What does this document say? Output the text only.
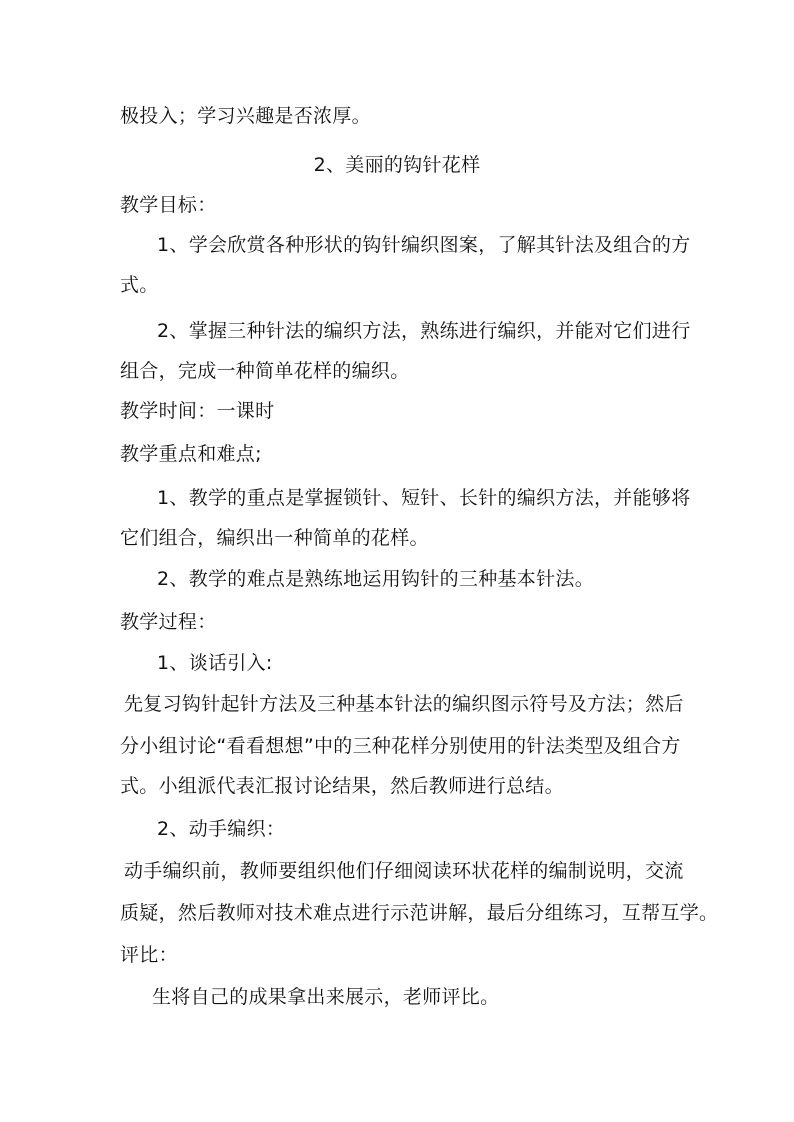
极投入；学习兴趣是否浓厚。
2、美丽的钩针花样
教学目标：
1、学会欣赏各种形状的钩针编织图案，了解其针法及组合的方
式。
2、掌握三种针法的编织方法，熟练进行编织，并能对它们进行
组合，完成一种简单花样的编织。
教学时间：一课时
教学重点和难点;
1、教学的重点是掌握锁针、短针、长针的编织方法，并能够将
它们组合，编织出一种简单的花样。
2、教学的难点是熟练地运用钩针的三种基本针法。
教学过程：
1、谈话引入:
先复习钩针起针方法及三种基本针法的编织图示符号及方法；然后
分小组讨论“看看想想”中的三种花样分别使用的针法类型及组合方
式。小组派代表汇报讨论结果，然后教师进行总结。
2、动手编织：
动手编织前，教师要组织他们仔细阅读环状花样的编制说明，交流
质疑，然后教师对技术难点进行示范讲解，最后分组练习，互帮互学。
评比：
生将自己的成果拿出来展示，老师评比。
